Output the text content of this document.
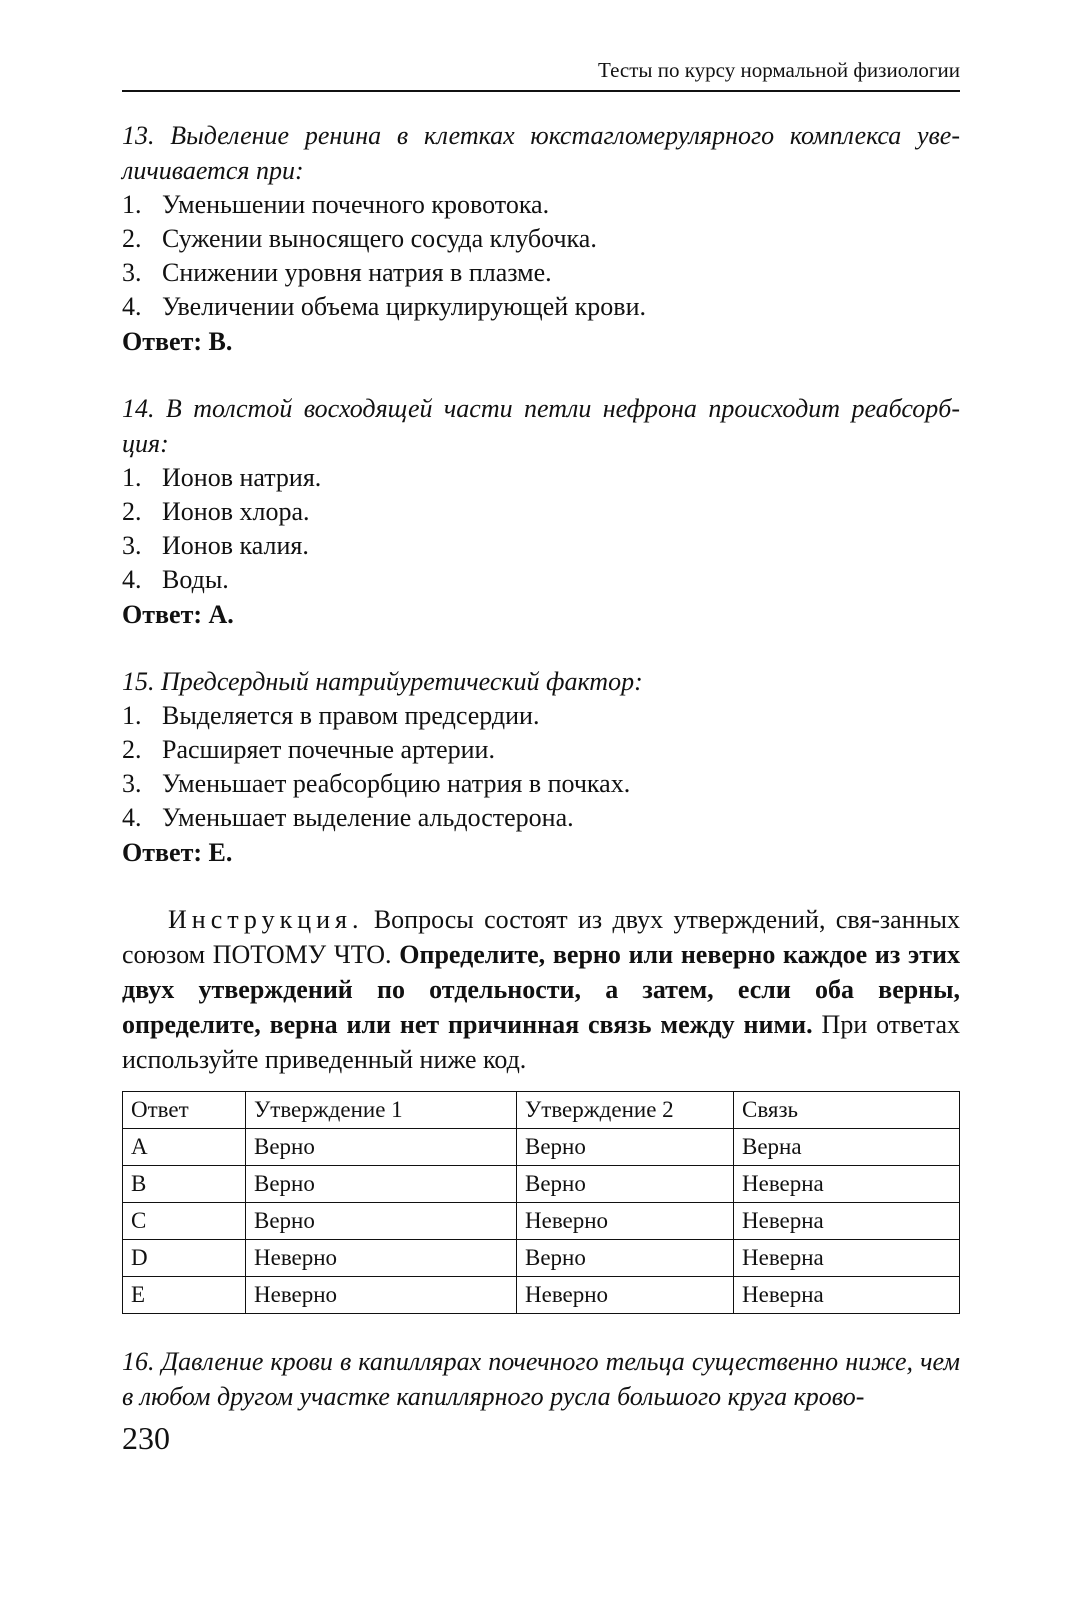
Тесты по курсу нормальной физиологии

13. Выделение ренина в клетках юкстагломерулярного комплекса уве-личивается при:

1. Уменьшении почечного кровотока.
2. Сужении выносящего сосуда клубочка.
3. Снижении уровня натрия в плазме.
4. Увеличении объема циркулирующей крови.

Ответ: В.

14. В толстой восходящей части петли нефрона происходит реабсорб-ция:

1. Ионов натрия.
2. Ионов хлора.
3. Ионов калия.
4. Воды.

Ответ: А.

15. Предсердный натрийуретический фактор:

1. Выделяется в правом предсердии.
2. Расширяет почечные артерии.
3. Уменьшает реабсорбцию натрия в почках.
4. Уменьшает выделение альдостерона.

Ответ: Е.

Инструкция. Вопросы состоят из двух утверждений, свя-занных союзом ПОТОМУ ЧТО. Определите, верно или неверно каждое из этих двух утверждений по отдельности, а затем, если оба верны, определите, верна или нет причинная связь между ними. При ответах используйте приведенный ниже код.

Ответ	Утверждение 1	Утверждение 2	Связь
A	Верно	Верно	Верна
B	Верно	Верно	Неверна
C	Верно	Неверно	Неверна
D	Неверно	Верно	Неверна
E	Неверно	Неверно	Неверна

16. Давление крови в капиллярах почечного тельца существенно ниже, чем в любом другом участке капиллярного русла большого круга крово-

230
